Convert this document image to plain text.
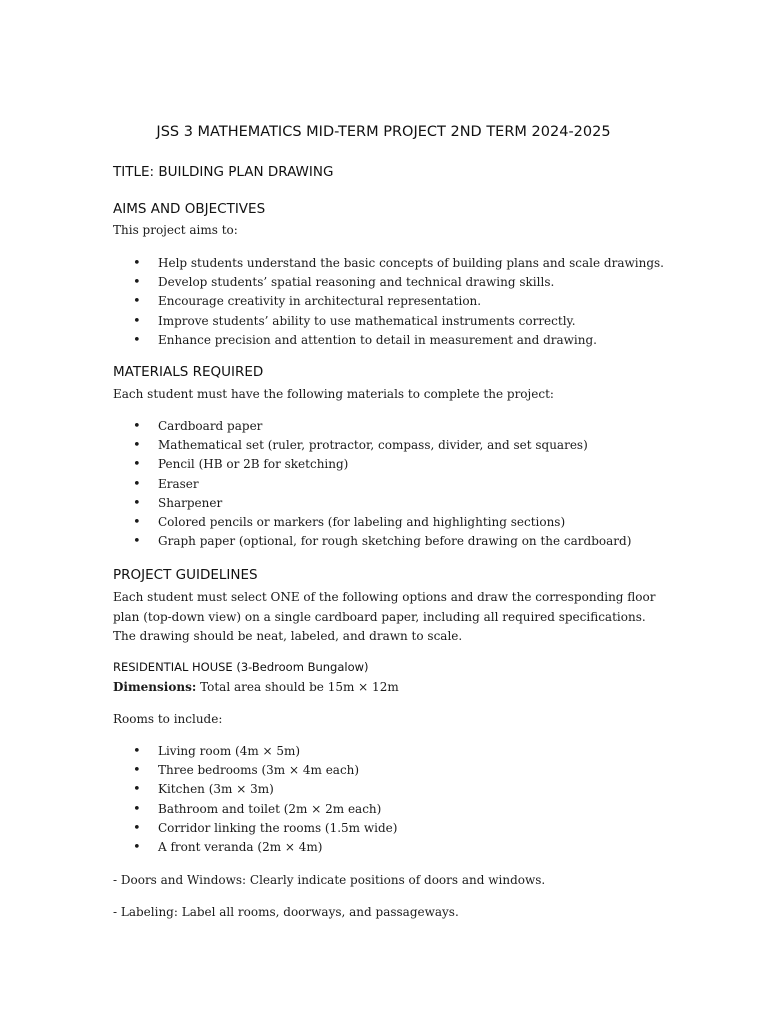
JSS 3 MATHEMATICS MID-TERM PROJECT 2ND TERM 2024-2025
TITLE: BUILDING PLAN DRAWING
AIMS AND OBJECTIVES

This project aims to:

• Help students understand the basic concepts of building plans and scale drawings.
• Develop students’ spatial reasoning and technical drawing skills.
• Encourage creativity in architectural representation.
• Improve students’ ability to use mathematical instruments correctly.
• Enhance precision and attention to detail in measurement and drawing.
MATERIALS REQUIRED

Each student must have the following materials to complete the project:

• Cardboard paper
• Mathematical set (ruler, protractor, compass, divider, and set squares)
• Pencil (HB or 2B for sketching)
• Eraser
• Sharpener
• Colored pencils or markers (for labeling and highlighting sections)
• Graph paper (optional, for rough sketching before drawing on the cardboard)
PROJECT GUIDELINES

Each student must select ONE of the following options and draw the corresponding floor plan (top-down view) on a single cardboard paper, including all required specifications. The drawing should be neat, labeled, and drawn to scale.

RESIDENTIAL HOUSE (3-Bedroom Bungalow)

Dimensions: Total area should be 15m × 12m

Rooms to include:

• Living room (4m × 5m)
• Three bedrooms (3m × 4m each)
• Kitchen (3m × 3m)
• Bathroom and toilet (2m × 2m each)
• Corridor linking the rooms (1.5m wide)
• A front veranda (2m × 4m)

- Doors and Windows: Clearly indicate positions of doors and windows.

- Labeling: Label all rooms, doorways, and passageways.
